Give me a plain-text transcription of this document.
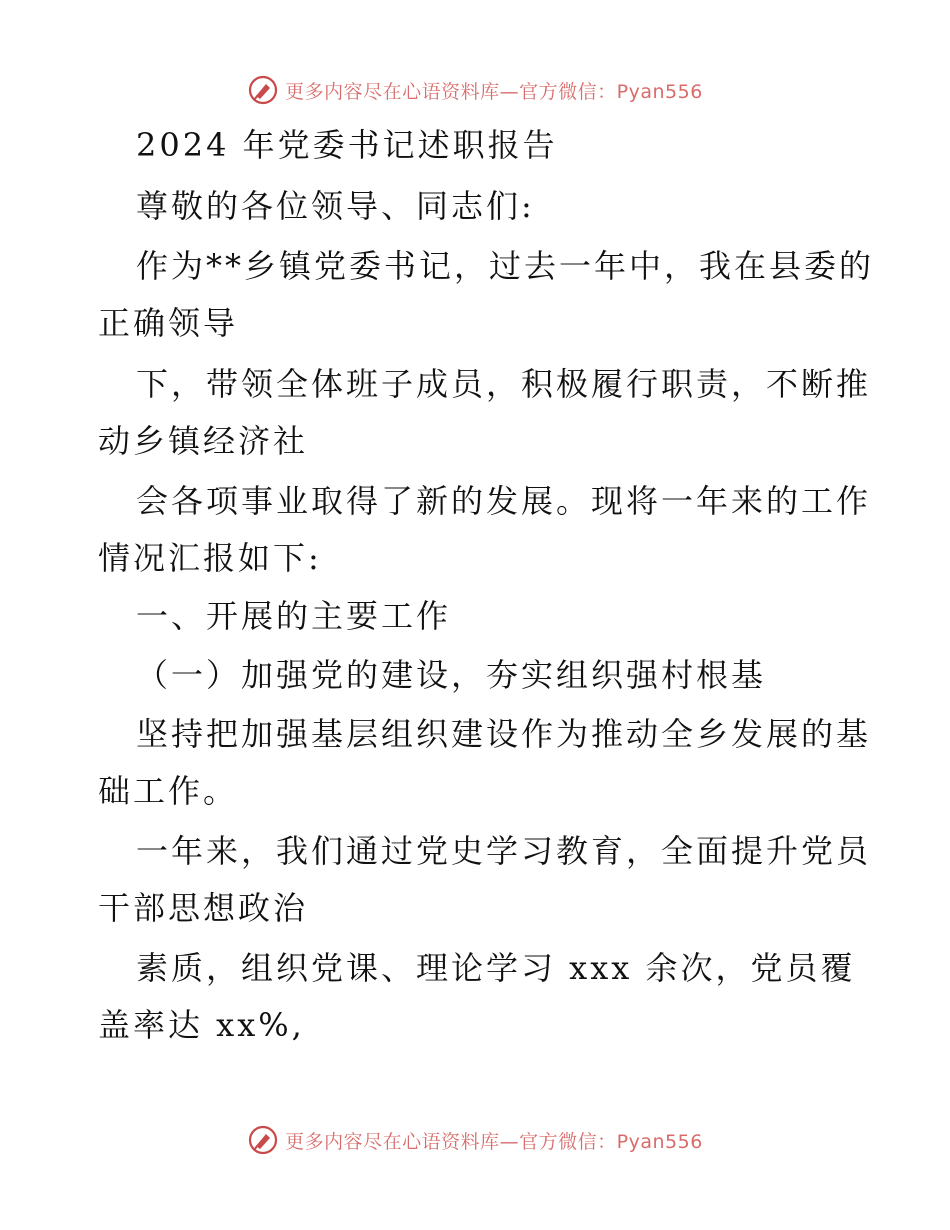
更多内容尽在心语资料库—官方微信：Pyan556
2024 年党委书记述职报告
尊敬的各位领导、同志们:
作为**乡镇党委书记，过去一年中，我在县委的
正确领导
下，带领全体班子成员，积极履行职责，不断推
动乡镇经济社
会各项事业取得了新的发展。现将一年来的工作
情况汇报如下:
一、开展的主要工作
（一）加强党的建设，夯实组织强村根基
坚持把加强基层组织建设作为推动全乡发展的基
础工作。
一年来，我们通过党史学习教育，全面提升党员
干部思想政治
素质，组织党课、理论学习 xxx 余次，党员覆
盖率达 xx%,
更多内容尽在心语资料库—官方微信：Pyan556
